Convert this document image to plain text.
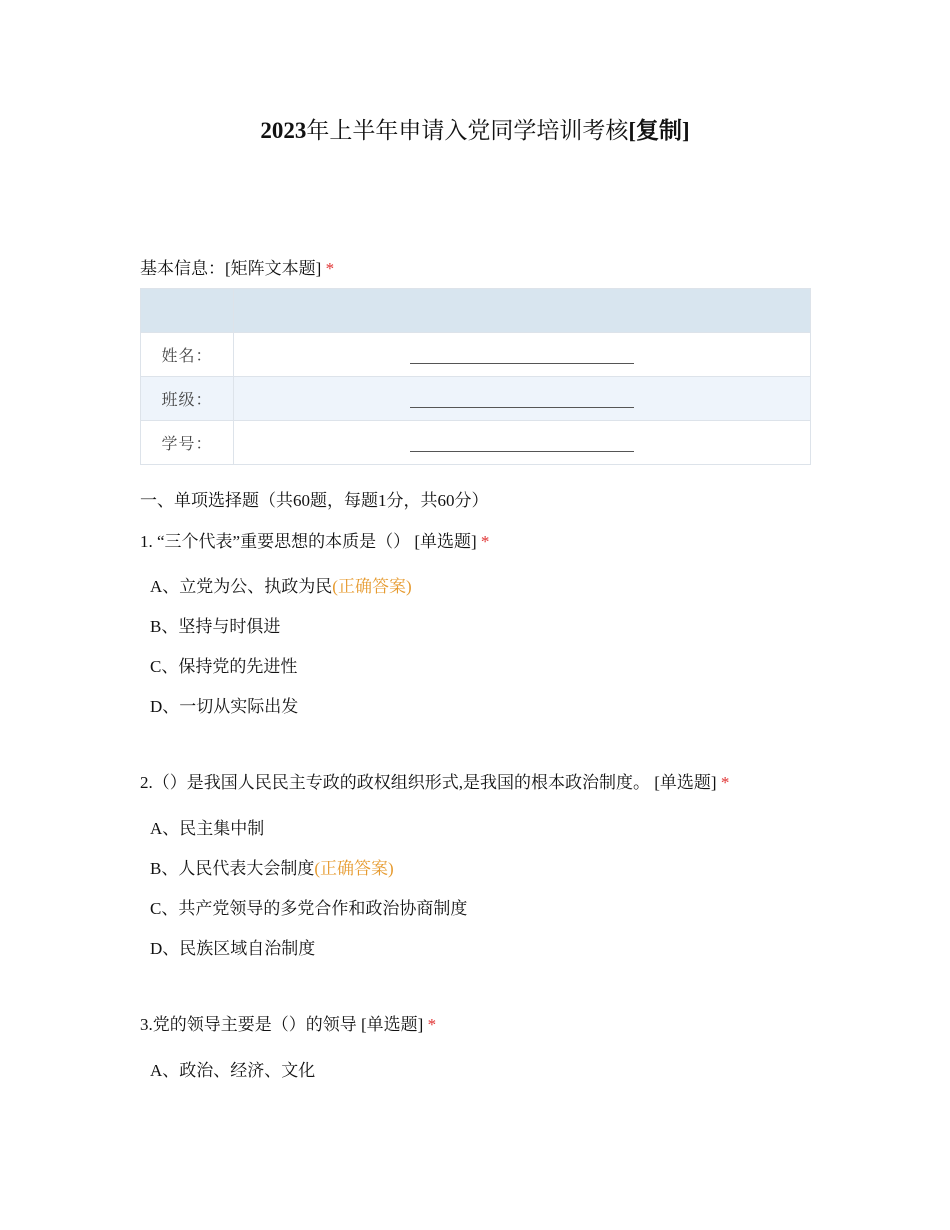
2023年上半年申请入党同学培训考核[复制]
基本信息：[矩阵文本题] *

姓名：	
班级：	
学号：	
一、单项选择题（共60题，每题1分，共60分）
1. “三个代表”重要思想的本质是（） [单选题] *
A、立党为公、执政为民(正确答案)
B、坚持与时俱进
C、保持党的先进性
D、一切从实际出发
2.（）是我国人民民主专政的政权组织形式,是我国的根本政治制度。 [单选题] *
A、民主集中制
B、人民代表大会制度(正确答案)
C、共产党领导的多党合作和政治协商制度
D、民族区域自治制度
3.党的领导主要是（）的领导 [单选题] *
A、政治、经济、文化
